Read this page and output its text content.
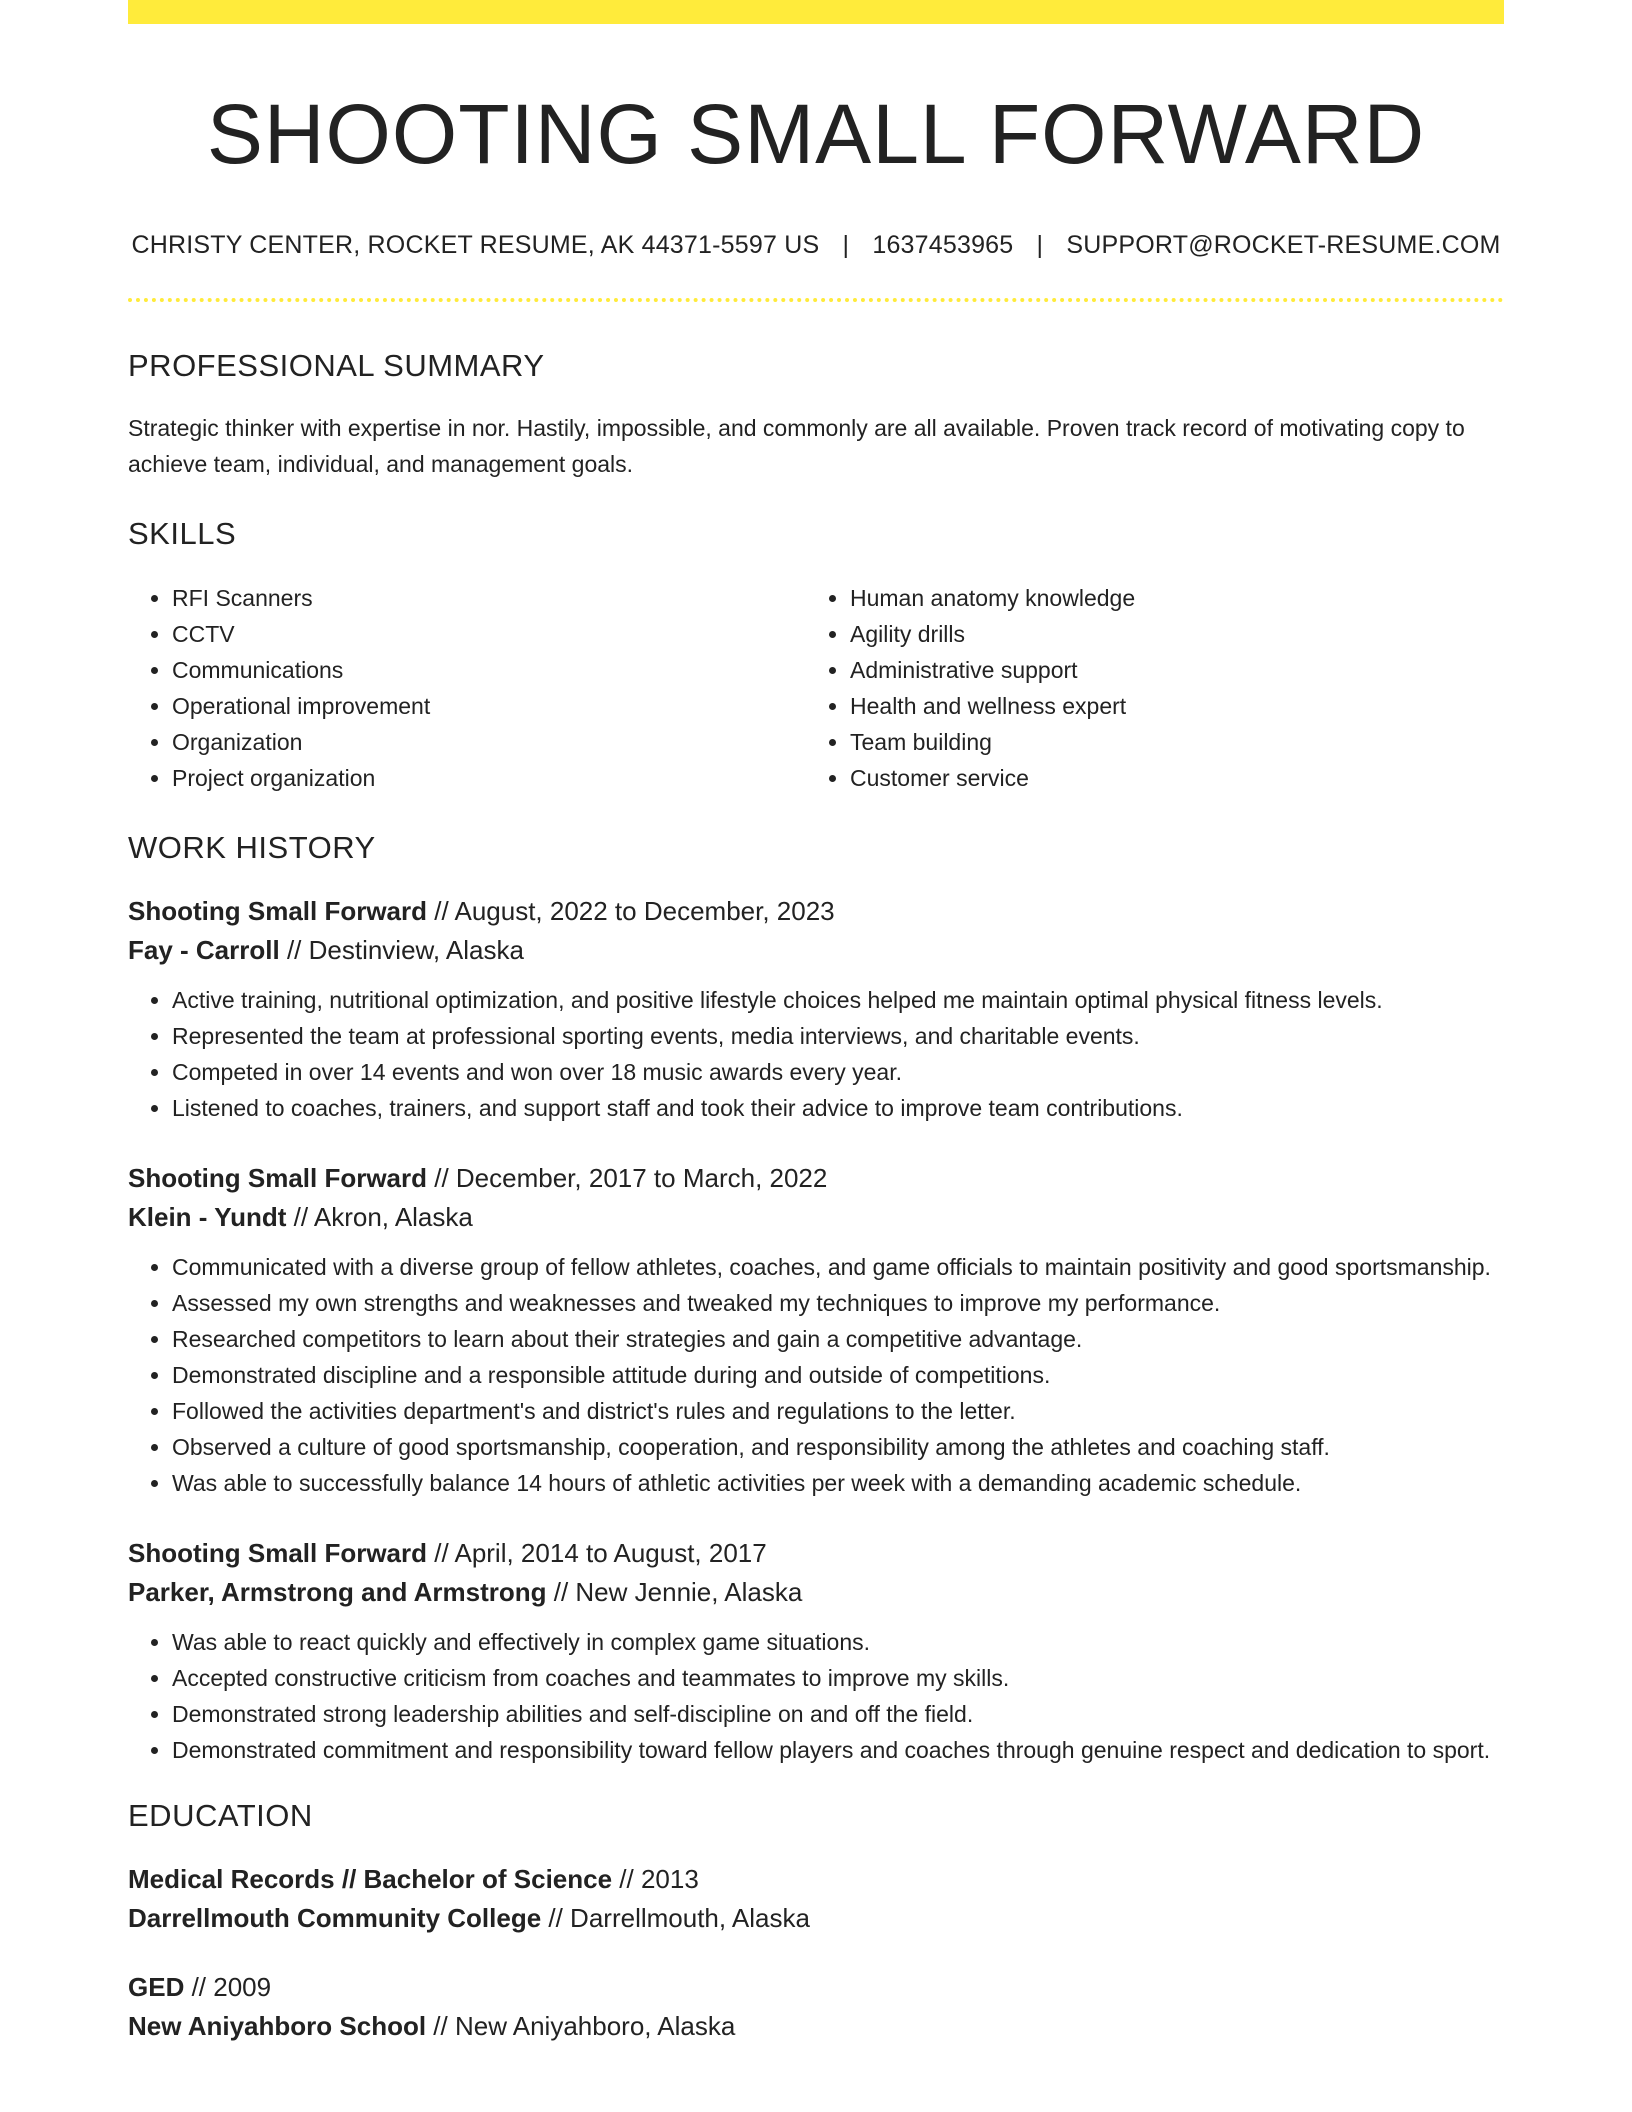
SHOOTING SMALL FORWARD
CHRISTY CENTER, ROCKET RESUME, AK 44371-5597 US | 1637453965 | SUPPORT@ROCKET-RESUME.COM
PROFESSIONAL SUMMARY

Strategic thinker with expertise in nor. Hastily, impossible, and commonly are all available. Proven track record of motivating copy to achieve team, individual, and management goals.

SKILLS
• RFI Scanners
• CCTV
• Communications
• Operational improvement
• Organization
• Project organization
• Human anatomy knowledge
• Agility drills
• Administrative support
• Health and wellness expert
• Team building
• Customer service
WORK HISTORY
Shooting Small Forward // August, 2022 to December, 2023
Fay - Carroll // Destinview, Alaska
• Active training, nutritional optimization, and positive lifestyle choices helped me maintain optimal physical fitness levels.
• Represented the team at professional sporting events, media interviews, and charitable events.
• Competed in over 14 events and won over 18 music awards every year.
• Listened to coaches, trainers, and support staff and took their advice to improve team contributions.
Shooting Small Forward // December, 2017 to March, 2022
Klein - Yundt // Akron, Alaska
• Communicated with a diverse group of fellow athletes, coaches, and game officials to maintain positivity and good sportsmanship.
• Assessed my own strengths and weaknesses and tweaked my techniques to improve my performance.
• Researched competitors to learn about their strategies and gain a competitive advantage.
• Demonstrated discipline and a responsible attitude during and outside of competitions.
• Followed the activities department's and district's rules and regulations to the letter.
• Observed a culture of good sportsmanship, cooperation, and responsibility among the athletes and coaching staff.
• Was able to successfully balance 14 hours of athletic activities per week with a demanding academic schedule.
Shooting Small Forward // April, 2014 to August, 2017
Parker, Armstrong and Armstrong // New Jennie, Alaska
• Was able to react quickly and effectively in complex game situations.
• Accepted constructive criticism from coaches and teammates to improve my skills.
• Demonstrated strong leadership abilities and self-discipline on and off the field.
• Demonstrated commitment and responsibility toward fellow players and coaches through genuine respect and dedication to sport.
EDUCATION
Medical Records // Bachelor of Science // 2013
Darrellmouth Community College // Darrellmouth, Alaska
GED // 2009
New Aniyahboro School // New Aniyahboro, Alaska
